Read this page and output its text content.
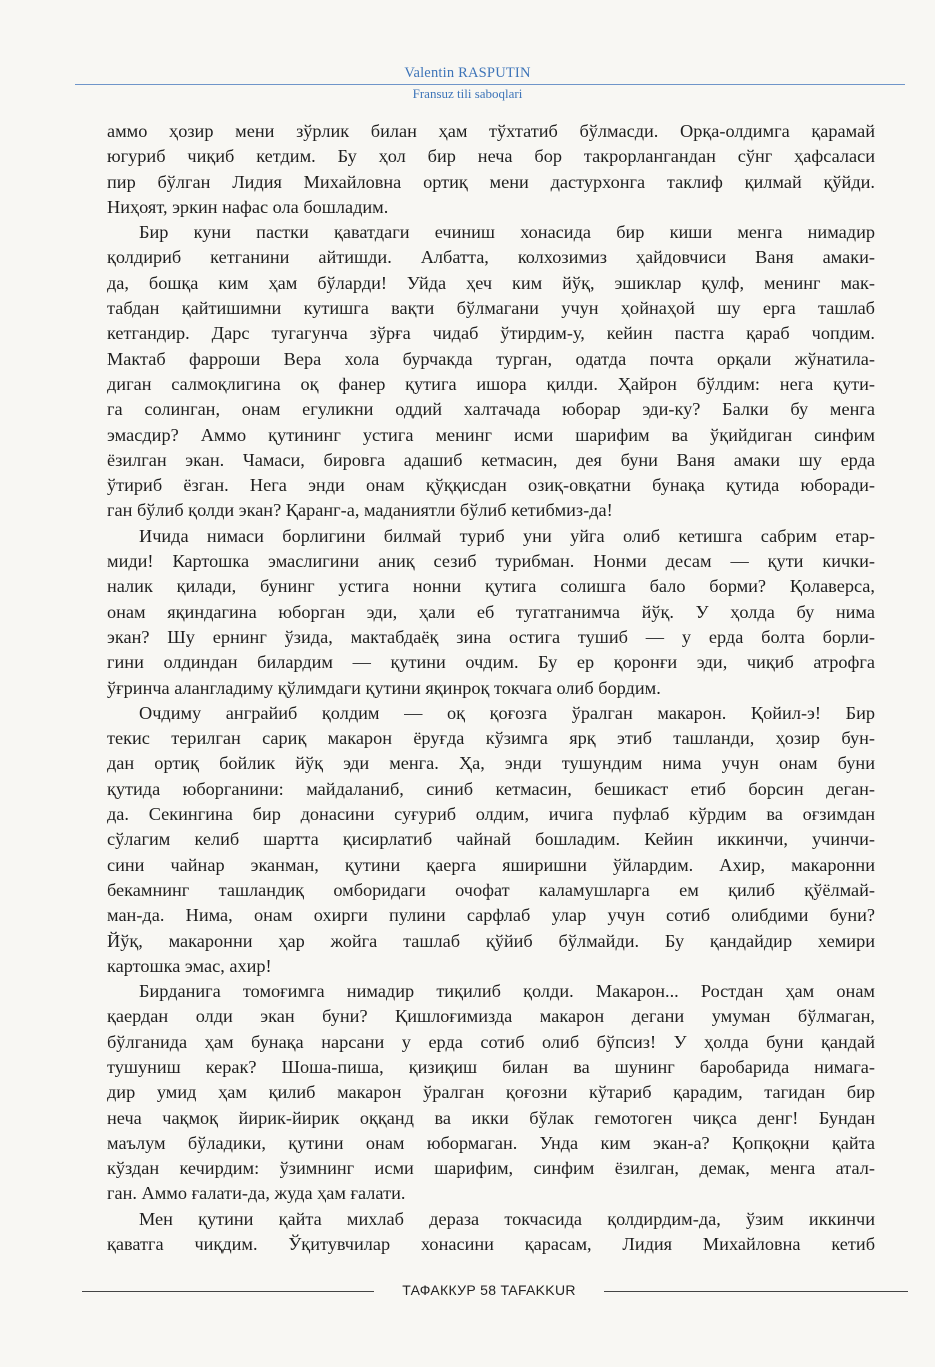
Valentin RASPUTIN
Fransuz tili saboqlari

аммо ҳозир мени зўрлик билан ҳам тўхтатиб бўлмасди. Орқа-олдимга қарамай
югуриб чиқиб кетдим. Бу ҳол бир неча бор такрорлангандан сўнг ҳафсаласи
пир бўлган Лидия Михайловна ортиқ мени дастурхонга таклиф қилмай қўйди.
Ниҳоят, эркин нафас ола бошладим.

Бир куни пастки қаватдаги ечиниш хонасида бир киши менга нимадир
қолдириб кетганини айтишди. Албатта, колхозимиз ҳайдовчиси Ваня амаки-
да, бошқа ким ҳам бўларди! Уйда ҳеч ким йўқ, эшиклар қулф, менинг мак-
табдан қайтишимни кутишга вақти бўлмагани учун ҳойнаҳой шу ерга ташлаб
кетгандир. Дарс тугагунча зўрға чидаб ўтирдим-у, кейин пастга қараб чопдим.
Мактаб фарроши Вера хола бурчакда турган, одатда почта орқали жўнатила-
диган салмоқлигина оқ фанер қутига ишора қилди. Ҳайрон бўлдим: нега қути-
га солинган, онам егуликни оддий халтачада юборар эди-ку? Балки бу менга
эмасдир? Аммо қутининг устига менинг исми шарифим ва ўқийдиган синфим
ёзилган экан. Чамаси, бировга адашиб кетмасин, дея буни Ваня амаки шу ерда
ўтириб ёзган. Нега энди онам қўққисдан озиқ-овқатни бунақа қутида юборади-
ган бўлиб қолди экан? Қаранг-а, маданиятли бўлиб кетибмиз-да!

Ичида нимаси борлигини билмай туриб уни уйга олиб кетишга сабрим етар-
миди! Картошка эмаслигини аниқ сезиб турибман. Нонми десам — қути кички-
налик қилади, бунинг устига нонни қутига солишга бало борми? Қолаверса,
онам яқиндагина юборган эди, ҳали еб тугатганимча йўқ. У ҳолда бу нима
экан? Шу ернинг ўзида, мактабдаёқ зина остига тушиб — у ерда болта борли-
гини олдиндан билардим — қутини очдим. Бу ер қоронғи эди, чиқиб атрофга
ўғринча алангладиму қўлимдаги қутини яқинроқ токчага олиб бордим.

Очдиму анграйиб қолдим — оқ қоғозга ўралган макарон. Қойил-э! Бир
текис терилган сариқ макарон ёруғда кўзимга ярқ этиб ташланди, ҳозир бун-
дан ортиқ бойлик йўқ эди менга. Ҳа, энди тушундим нима учун онам буни
қутида юборганини: майдаланиб, синиб кетмасин, бешикаст етиб борсин деган-
да. Секингина бир донасини суғуриб олдим, ичига пуфлаб кўрдим ва оғзимдан
сўлагим келиб шартта қисирлатиб чайнай бошладим. Кейин иккинчи, учинчи-
сини чайнар эканман, қутини қаерга яширишни ўйлардим. Ахир, макаронни
бекамнинг ташландиқ омборидаги очофат каламушларга ем қилиб қўёлмай-
ман-да. Нима, онам охирги пулини сарфлаб улар учун сотиб олибдими буни?
Йўқ, макаронни ҳар жойга ташлаб қўйиб бўлмайди. Бу қандайдир хемири
картошка эмас, ахир!

Бирданига томоғимга нимадир тиқилиб қолди. Макарон... Ростдан ҳам онам
қаердан олди экан буни? Қишлоғимизда макарон дегани умуман бўлмаган,
бўлганида ҳам бунақа нарсани у ерда сотиб олиб бўпсиз! У ҳолда буни қандай
тушуниш керак? Шоша-пиша, қизиқиш билан ва шунинг баробарида нимага-
дир умид ҳам қилиб макарон ўралган қоғозни кўтариб қарадим, тагидан бир
неча чақмоқ йирик-йирик оққанд ва икки бўлак гемотоген чиқса денг! Бундан
маълум бўладики, қутини онам юбормаган. Унда ким экан-а? Қопқоқни қайта
кўздан кечирдим: ўзимнинг исми шарифим, синфим ёзилган, демак, менга атал-
ган. Аммо ғалати-да, жуда ҳам ғалати.

Мен қутини қайта михлаб дераза токчасида қолдирдим-да, ўзим иккинчи
қаватга чиқдим. Ўқитувчилар хонасини қарасам, Лидия Михайловна кетиб

ТАФАККУР 58 TAFAKKUR
